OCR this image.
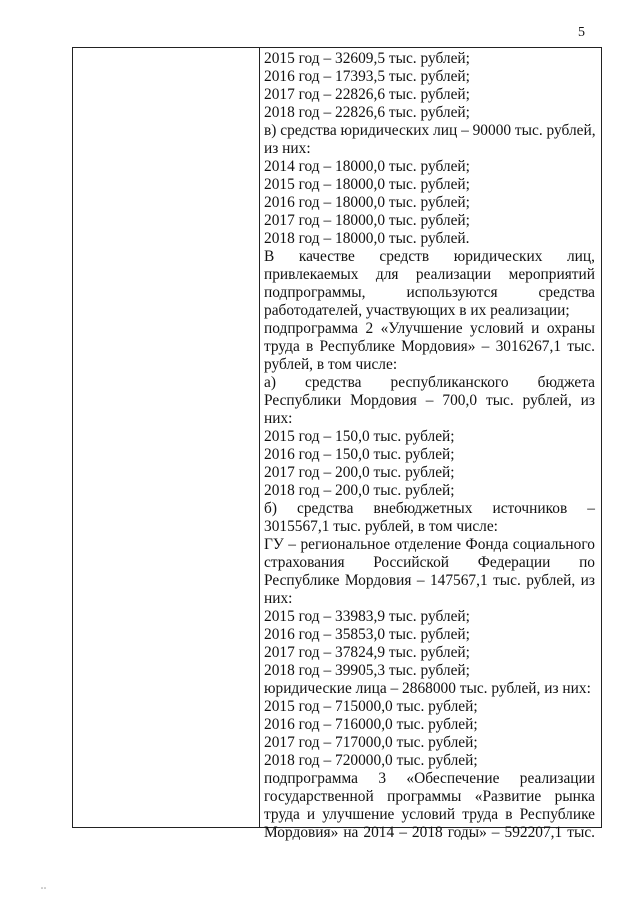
5
2015 год – 32609,5 тыс. рублей;
2016 год – 17393,5 тыс. рублей;
2017 год – 22826,6 тыс. рублей;
2018 год – 22826,6 тыс. рублей;
в) средства юридических лиц – 90000 тыс. рублей,
из них:
2014 год – 18000,0 тыс. рублей;
2015 год – 18000,0 тыс. рублей;
2016 год – 18000,0 тыс. рублей;
2017 год – 18000,0 тыс. рублей;
2018 год – 18000,0 тыс. рублей.
В качестве средств юридических лиц,
привлекаемых для реализации мероприятий
подпрограммы, используются средства
работодателей, участвующих в их реализации;
подпрограмма 2 «Улучшение условий и охраны
труда в Республике Мордовия» – 3016267,1 тыс.
рублей, в том числе:
а) средства республиканского бюджета
Республики Мордовия – 700,0 тыс. рублей, из
них:
2015 год – 150,0 тыс. рублей;
2016 год – 150,0 тыс. рублей;
2017 год – 200,0 тыс. рублей;
2018 год – 200,0 тыс. рублей;
б) средства внебюджетных источников –
3015567,1 тыс. рублей, в том числе:
ГУ – региональное отделение Фонда социального
страхования Российской Федерации по
Республике Мордовия – 147567,1 тыс. рублей, из
них:
2015 год – 33983,9 тыс. рублей;
2016 год – 35853,0 тыс. рублей;
2017 год – 37824,9 тыс. рублей;
2018 год – 39905,3 тыс. рублей;
юридические лица – 2868000 тыс. рублей, из них:
2015 год – 715000,0 тыс. рублей;
2016 год – 716000,0 тыс. рублей;
2017 год – 717000,0 тыс. рублей;
2018 год – 720000,0 тыс. рублей;
подпрограмма 3 «Обеспечение реализации
государственной программы «Развитие рынка
труда и улучшение условий труда в Республике
Мордовия» на 2014 – 2018 годы» – 592207,1 тыс.
